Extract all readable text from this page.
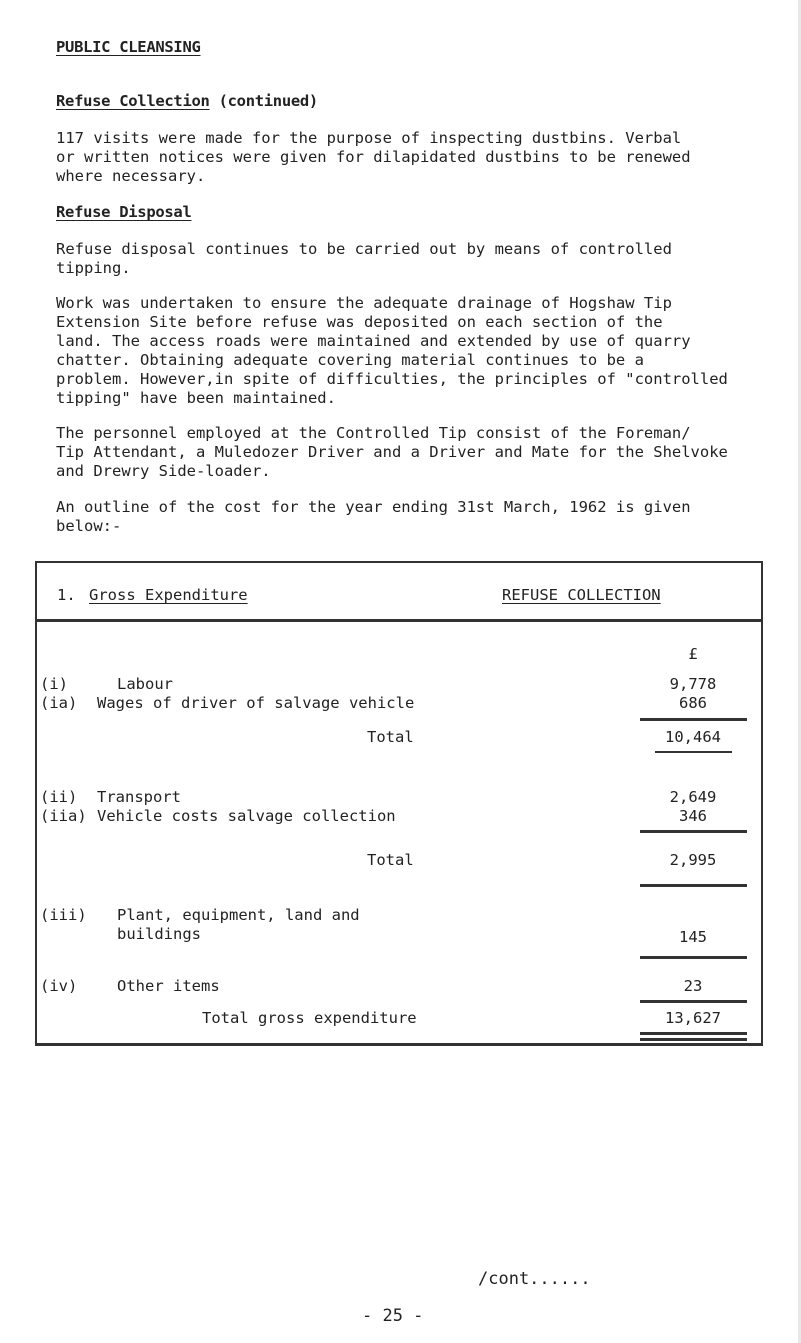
PUBLIC CLEANSING
Refuse Collection (continued)

117 visits were made for the purpose of inspecting dustbins. Verbal
or written notices were given for dilapidated dustbins to be renewed
where necessary.

Refuse Disposal

Refuse disposal continues to be carried out by means of controlled
tipping.

Work was undertaken to ensure the adequate drainage of Hogshaw Tip
Extension Site before refuse was deposited on each section of the
land. The access roads were maintained and extended by use of quarry
chatter. Obtaining adequate covering material continues to be a
problem. However,in spite of difficulties, the principles of "controlled
tipping" have been maintained.

The personnel employed at the Controlled Tip consist of the Foreman/
Tip Attendant, a Muledozer Driver and a Driver and Mate for the Shelvoke
and Drewry Side-loader.

An outline of the cost for the year ending 31st March, 1962 is given
below:-

1. Gross Expenditure	REFUSE COLLECTION
£
(i)	Labour	9,778
(ia) Wages of driver of salvage vehicle	686
Total	10,464
(ii) Transport	2,649
(iia) Vehicle costs salvage collection	346
Total	2,995
(iii) Plant, equipment, land and
buildings	145
(iv)	Other items	23
Total gross expenditure	13,627
/cont......
- 25 -
